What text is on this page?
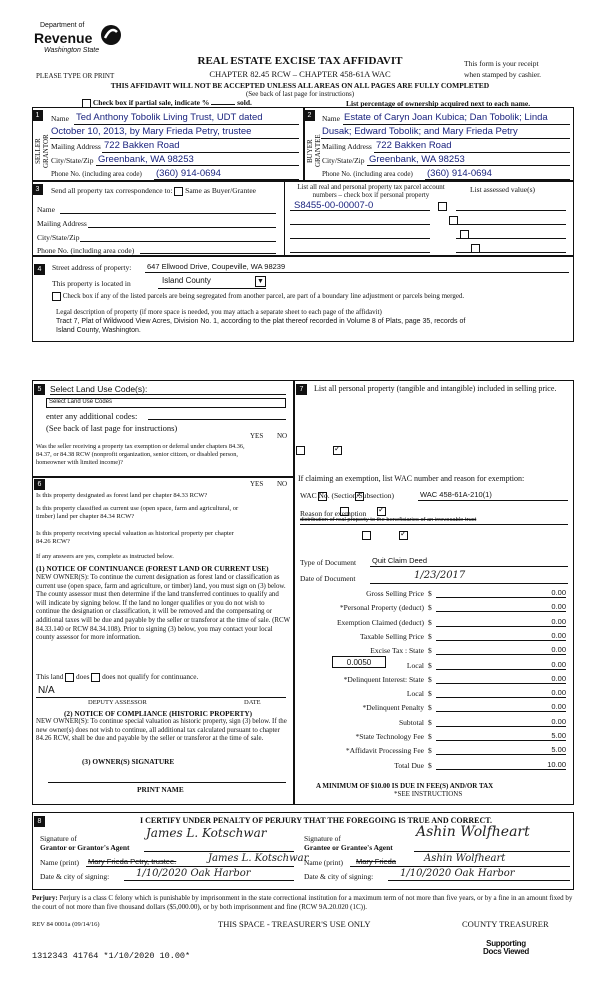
Department of
Revenue
Washington State
PLEASE TYPE OR PRINT
REAL ESTATE EXCISE TAX AFFIDAVIT
CHAPTER 82.45 RCW – CHAPTER 458-61A WAC
This form is your receipt
when stamped by cashier.
THIS AFFIDAVIT WILL NOT BE ACCEPTED UNLESS ALL AREAS ON ALL PAGES ARE FULLY COMPLETED
(See back of last page for instructions)
Check box if partial sale, indicate %	sold.	List percentage of ownership acquired next to each name.
1	2
SELLER GRANTOR	BUYER GRANTEE
Name Ted Anthony Tobolik Living Trust, UDT dated
October 10, 2013, by Mary Frieda Petry, trustee
Mailing Address 722 Bakken Road
City/State/Zip Greenbank, WA 98253
Phone No. (including area code) (360) 914-0694
Name Estate of Caryn Joan Kubica; Dan Tobolik; Linda
Dusak; Edward Tobolik; and Mary Frieda Petry
Mailing Address 722 Bakken Road
City/State/Zip Greenbank, WA 98253
Phone No. (including area code) (360) 914-0694
3	Send all property tax correspondence to: Same as Buyer/Grantee
Name
Mailing Address
City/State/Zip
Phone No. (including area code)
List all real and personal property tax parcel account numbers – check box if personal property
List assessed value(s)
S8455-00-00007-0

4	Street address of property: 647 Ellwood Drive, Coupeville, WA 98239
This property is located in	Island County	▼
Check box if any of the listed parcels are being segregated from another parcel, are part of a boundary line adjustment or parcels being merged.
Legal description of property (if more space is needed, you may attach a separate sheet to each page of the affidavit)
Tract 7, Plat of Wildwood View Acres, Division No. 1, according to the plat thereof recorded in Volume 8 of Plats, page 35, records of
Island County, Washington.
5	Select Land Use Code(s):
Select Land Use Codes
enter any additional codes:
(See back of last page for instructions)
YES NO
Was the seller receiving a property tax exemption or deferral under chapters 84.36, 84.37, or 84.38 RCW (nonprofit organization, senior citizen, or disabled person, homeowner with limited income)?
✓
6	YES NO
Is this property designated as forest land per chapter 84.33 RCW?
✓
Is this property classified as current use (open space, farm and agricultural, or timber) land per chapter 84.34 RCW?
✓
Is this property receiving special valuation as historical property per chapter 84.26 RCW?
✓
If any answers are yes, complete as instructed below.
(1) NOTICE OF CONTINUANCE (FOREST LAND OR CURRENT USE)
NEW OWNER(S): To continue the current designation as forest land or classification as current use (open space, farm and agriculture, or timber) land, you must sign on (3) below. The county assessor must then determine if the land transferred continues to qualify and will indicate by signing below. If the land no longer qualifies or you do not wish to continue the designation or classification, it will be removed and the compensating or additional taxes will be due and payable by the seller or transferor at the time of sale. (RCW 84.33.140 or RCW 84.34.108). Prior to signing (3) below, you may contact your local county assessor for more information.
This land does does not qualify for continuance.
N/A
DEPUTY ASSESSOR	DATE
(2) NOTICE OF COMPLIANCE (HISTORIC PROPERTY)
NEW OWNER(S): To continue special valuation as historic property, sign (3) below. If the new owner(s) does not wish to continue, all additional tax calculated pursuant to chapter 84.26 RCW, shall be due and payable by the seller or transferor at the time of sale.
(3) OWNER(S) SIGNATURE
PRINT NAME
7	List all personal property (tangible and intangible) included in selling price.
If claiming an exemption, list WAC number and reason for exemption:
WAC No. (Section/Subsection)	WAC 458-61A-210(1)
Reason for exemption
distribution of real property to the beneficiaries of an irrevocable trust
Type of Document Quit Claim Deed
Date of Document	1/23/2017
0.0050
Gross Selling Price $	0.00
*Personal Property (deduct) $	0.00
Exemption Claimed (deduct) $	0.00
Taxable Selling Price $	0.00
Excise Tax : State $	0.00
Local $	0.00
*Delinquent Interest: State $	0.00
Local $	0.00
*Delinquent Penalty $	0.00
Subtotal $	0.00
*State Technology Fee $	5.00
*Affidavit Processing Fee $	5.00
Total Due $	10.00
A MINIMUM OF $10.00 IS DUE IN FEE(S) AND/OR TAX
*SEE INSTRUCTIONS
8	I CERTIFY UNDER PENALTY OF PERJURY THAT THE FOREGOING IS TRUE AND CORRECT.
Signature of
Grantor or Grantor's Agent
James L. Kotschwar
Name (print) Mary Frieda Petry, trustee.	James L. Kotschwar
Date & city of signing:	1/10/2020 Oak Harbor
Signature of
Grantee or Grantee's Agent
Ashin Wolfheart
Name (print) Mary Frieda	Ashin Wolfheart
Date & city of signing:	1/10/2020 Oak Harbor
Perjury: Perjury is a class C felony which is punishable by imprisonment in the state correctional institution for a maximum term of not more than five years, or by a fine in an amount fixed by the court of not more than five thousand dollars ($5,000.00), or by both imprisonment and fine (RCW 9A.20.020 (1C)).
REV 84 0001a (09/14/16)	THIS SPACE - TREASURER'S USE ONLY	COUNTY TREASURER
Supporting Docs Viewed
1312343 41764 *1/10/2020 10.00*
